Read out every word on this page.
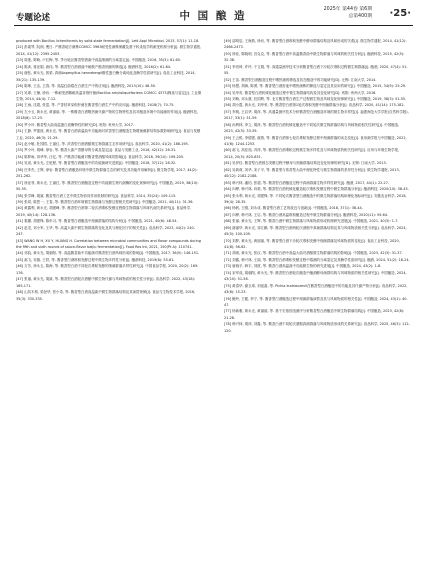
专题论述	中 国 酿 造
2025年 第44卷 第6期
总第400期 ·25·
produced with Bacillus licheniformis by solid-state fermentation[J]. Lett Appl Microbiol, 2013, 57(1): 11-18.
[22] 彭素琴, 阮朗, 俊日. 产酱香地方菌株CGMCC 3963耐受性菌株保藏及基于转录组学的耐受机制分析[J]. 微生物学通报, 2014, 41(12): 2395-2403.
[23] 周莲, 陈萌, 卢红梅, 等. 茅台地区酱香型酒曲中高温细菌的分离鉴定[J]. 中国酿造, 2016, 35(3): 61-65.
[24] 陈训, 蒋亚娟, 唐伟, 等. 酱香型白酒酒曲中耐酸产酯香细菌的筛选[J]. 酿酒科技, 2016(2): 61-64.
[25] 谢钰, 黄永光, 郭梁. 真菌Aspergillus hennebergii酸性蛋白酶分离纯化及酶学性质研究[J]. 食品工业科技, 2014, 35(21): 135-139.
[26] 陈坤, 王洁, 卫春, 等. 高温红曲霉在白酒生产中的应用[J]. 酿酒科技, 2013(10): 48-50.
[27] 吴翠, 王楠, 徐岩. 一株耐受酒精耐高温芽孢杆菌(Bacillus amyloliquefaciens CGMCC 4373)筛选与鉴定[J]. 工业微生物, 2014, 44(4): 7-12.
[28] 王雨, 沈超, 张富, 等. 产香枯草芽孢杆菌在酱香型白酒生产中的应用[J]. 酿酒科技, 2018(7): 70-75.
[29] 左小玉, 黄永光, 黄丽丽, 等. 一株酱香白酒嗜热菌代谢产物的生物特性及其对酿造环境中功能菌的作用[J]. 酿酒科技, 2018(8): 17-23.
[30] 罗小叶. 酱香型大曲高温蛋白质酶特性的研究[D]. 贵阳: 贵州大学, 2017.
[31] 王静, 罗惠波, 黄永光, 等. 酱香白酒高温曲中功能菌对浓香型白酒酿造生物增菌菌群结构参数影响研究[J]. 食品与发酵工业, 2020, 46(3): 21-29.
[32] 赵小敏, 杜园园, 王丽红, 等. 浓香型白酒酒醅微生物群落生态作用研究[J]. 食品科学, 2020, 41(2): 188-195.
[33] 罗小叶, 胡峰, 徐岩, 等. 酱香大曲产香酵母的分离及鉴定[J]. 食品与发酵工业, 2016, 42(12): 26-31.
[34] 陈梦雨, 刘华华, 汪亿, 等. 产酱香功能菌对酱香型酒醅风味的影响[J]. 食品科学, 2018, 39(10): 199-205.
[35] 吴成, 黄永光, 左乾程, 等. 酱香型白酒酿造中的功能菌研究进展[J]. 中国酿造, 2018, 37(12): 28-32.
[36] 庄孝杰, 王辉, 徐岩. 酱香型白酒酿造环境中微生物群落生态的研究及其功能作用解析[J]. 微生物学报, 2017, 44(2): 251-262.
[37] 徐亚菲, 黄永光, 王丽红, 等. 酱香型白酒酿造过程中功能微生物代谢酶的变化规律研究[J]. 中国酿造, 2019, 38(10): 50-55.
[38] 张学峰, 胡斌. 酱香型白酒工艺中微生物协同作用机制的研究[J]. 食品科学, 2014, 35(24): 109-115.
[39] 张叔, 陈恩一, 王春, 等. 酱香型白酒环境微生物群落与发酵过程相关性研究[J]. 中国酿造, 2021, 40(11): 31-36.
[40] 黄露利, 黄永光, 胡建峰, 等. 酱香型白酒第二轮次酒堆积发酵过程微生物群落与风味代谢关系研究[J]. 食品科学, 2019, 40(14): 128-136.
[41] 秦灏, 胡建锋, 陈申习, 等. 酱香型白酒酿造中细菌群落的结构分析[J]. 中国酿造, 2021, 40(6): 48-54.
[42] 赵龙, 邓小军, 王华, 等. 高温大曲中微生物群落的变化及其与理化因子的相关性[J]. 食品科学, 2023, 44(2): 240-247.
[43] WANG W H, XU Y, HUANG H. Correlation between microbial communities and flavor compounds during the fifth and sixth rounds of sauce-flavor baijiu fermentation[J]. Food Res Int, 2021, 150(Pt A): 110741.
[44] 邓骁, 黄永光, 胡朝阳, 等. 高温酱香曲中功能菌对酱香型白酒风味形成的影响[J]. 中国酿造, 2017, 36(5): 146-151.
[45] 郝飞, 吴镇, 王铁, 等. 酱香型白酒堆积发酵过程中微生物多样性分析[J]. 酿酒科技, 2019(8): 55-61.
[46] 万芳, 徐永玉, 陈海, 等. 酱香型白酒不同轮次堆积发酵的细菌群落多样性研究[J]. 中国食品学报, 2020, 20(2): 169-176.
[47] 张丽, 黄永光, 胡斌, 等. 酱香型白酒轮次酒醅中微生物代谢与风味物质的相关性分析[J]. 食品科学, 2022, 43(18): 165-171.
[48] 山其木格, 梁登华, 张小奇, 等. 酱香型白酒高温曲中微生物群落结构及其演替规律[J]. 食品与生物技术学报, 2016, 35(3): 330-335.
[49] 邵明辰, 王海燕, 徐岩, 等. 酱香型白酒堆积发酵中酵母群落结构及风味形成的关系[J]. 微生物学通报, 2014, 41(12): 2466-2473.
[50] 徐佳, 陈晓明, 宫克克, 等. 酱香型白酒中高温酱香曲中微生物群落与风味的相关性分析[J]. 酿酒科技, 2015, 42(5): 32-38.
[51] 李晋琦, 许玲, 于文娟, 等. 高通量测序技术分析酱香型白酒下沙轮次堆积过程微生物群落[J]. 酿酒, 2020, 47(4): 51-55.
[52] 王苗. 酱香型白酒酿造过程中嗜热菌的筛选及其在酿造中的功能研究[D]. 无锡: 江南大学, 2014.
[53] 杨慧, 胡海, 陈勇, 等. 酱香型白酒窖池中嗜热菌株的筛选与鉴定及其应用的研究[J]. 中国酿造, 2015, 34(9): 25-29.
[54] 吴华英. 酱香型白酒机械化酿造过程中微生物群落结构及其变化研究[D]. 贵阳: 贵州大学, 2018.
[55] 刘萌, 邓永康, 杜国利, 等. 北方酱香型白酒生产过程微生物及风味变化规律研究[J]. 中国酿造, 2019, 38(3): 51-55.
[56] 胡小霞, 黄永光, 刘华荣, 等. 酱香型白酒第1轮次堆积发酵中细菌群落分析[J]. 食品科学, 2020, 41(14): 175-182.
[57] 李桃, 王启华, 胡萍, 等. 高通量测序技术分析酱香型白酒酿造环境的微生物多样性[J]. 福建师范大学学报(自然科学版), 2017, 33(1): 51-59.
[58] 孙利林, 李立, 胡萍, 等. 酱香型白酒机械化酿造中不同轮次微生物群落结构与风味物质相关性研究[J]. 中国酿造, 2023, 42(5): 33-39.
[59] 王云锐, 李德建, 谢燕, 等. 酱香白酒第七轮次堆积发酵过程中细菌群落的动态变化[J]. 食用菌学报与中国酿造, 2022, 41(6): 1244-1253.
[60] 郝飞, 高佳茹, 冯萍, 等. 酱香型白酒堆积过程微生物多样性及与风味物质的相关性研究[J]. 应用与环境生物学报, 2014, 20(5): 825-831.
[61] 吴伊佳. 酱香型白酒固态发酵过程中酵母与细菌群落结构及变化规律的研究[D]. 无锡: 江南大学, 2013.
[62] 吴莉莉, 刘华, 宋子平, 等. 酱香型与浓香型大曲中理化特性与微生物群落的差异性分析[J]. 微生物学通报, 2013, 40(12): 2182-2188.
[63] 韩兴林, 潘钧, 张超, 等. 酱香型白酒酿造过程中真菌群落生物多样性研究[J]. 酿酒, 2017, 44(1): 22-27.
[64] 向桦, 韩兴林, 向莉, 等. 酱香型白酒机械化酿造轮次堆积发酵过程中微生物群落分析[J]. 酿酒科技, 2020(10): 38-45.
[65] 张永利, 黄永光, 胡建锋, 等. 不同轮次酱香型白酒酿造中的微生物群落结构和理化指标研究[J]. 安徽农业科学, 2018, 39(4): 28-35.
[66] 杨帆, 王刚, 刘永成. 酱香型白酒工艺的改良与创新[J]. 中国酿造, 2018, 37(1): 38-44.
[67] 向桦, 韩兴林, 王启, 等. 酱香白酒高温堆积酿造过程中微生物群落分析[J]. 酿酒科技, 2020(11): 59-64.
[68] 张丽, 黄永光, 王辉, 等. 酱香白酒中微生物群落与风味物质形成机理研究进展[J]. 中国酿造, 2021, 40(3): 1-7.
[69] 谢丽华, 黄永光, 邹江鹏, 等. 酱香型白酒两轮次酒醅中真菌群落结构及其与风味物质相关性分析[J]. 食品科学, 2024, 45(5): 100-109.
[70] 刘梦, 黄永光, 黄丽丽, 等. 酱香型白酒下沙轮次堆积发酵中细菌群落及风味物质的变化[J]. 食品工业科技, 2020, 41(8): 56-62.
[71] 胡甫, 黄永光, 张汉, 等. 酱香型白酒中高温大曲对酒醅微生物群落结构的影响[J]. 中国酿造, 2023, 42(3): 31-37.
[72] 刘鑫, 韩兴林, 王丽, 等. 酱香型白酒堆积发酵过程中霉菌的分离鉴定及其酶学性质研究[J]. 酿酒, 2024, 51(2): 18-24.
[73] 唐晓平, 韩宇, 刘波, 等. 酱香白酒高温曲中功能微生物的研究进展[J]. 中国酿造, 2024, 43(2): 1-8.
[74] 宋军成, 胡朝阳, 黄永光, 等. 酱香型白酒轮次酿造中酿酒酵母菌群结构与风味物质的相关性研究[J]. 中国酿造, 2024, 43(10): 51-58.
[75] 黄春华, 谢玉球, 刘延嘉, 等. Pichia kudriavzevii在酱香型白酒酿造中的功能及其代谢产物分析[J]. 食品科学, 2022, 43(6): 15-23.
[76] 鲍玲, 王健, 李宁, 等. 酱香型白酒酿造过程中细菌群落演替及其与风味物质的相关性[J]. 中国酿造, 2024, 43(1): 40-47.
[77] 杨新雅, 黄永光, 黄丽丽, 等. 基于宏基因组测序分析酱香型白酒酿造中微生物群落结构[J]. 中国酿造, 2023, 42(8): 21-28.
[78] 韩兴林, 胡萍, 刘鑫, 等. 酱香白酒不同轮次酒醅真菌群落与风味物质形成的关系研究[J]. 食品科学, 2025, 46(3): 112-120.
